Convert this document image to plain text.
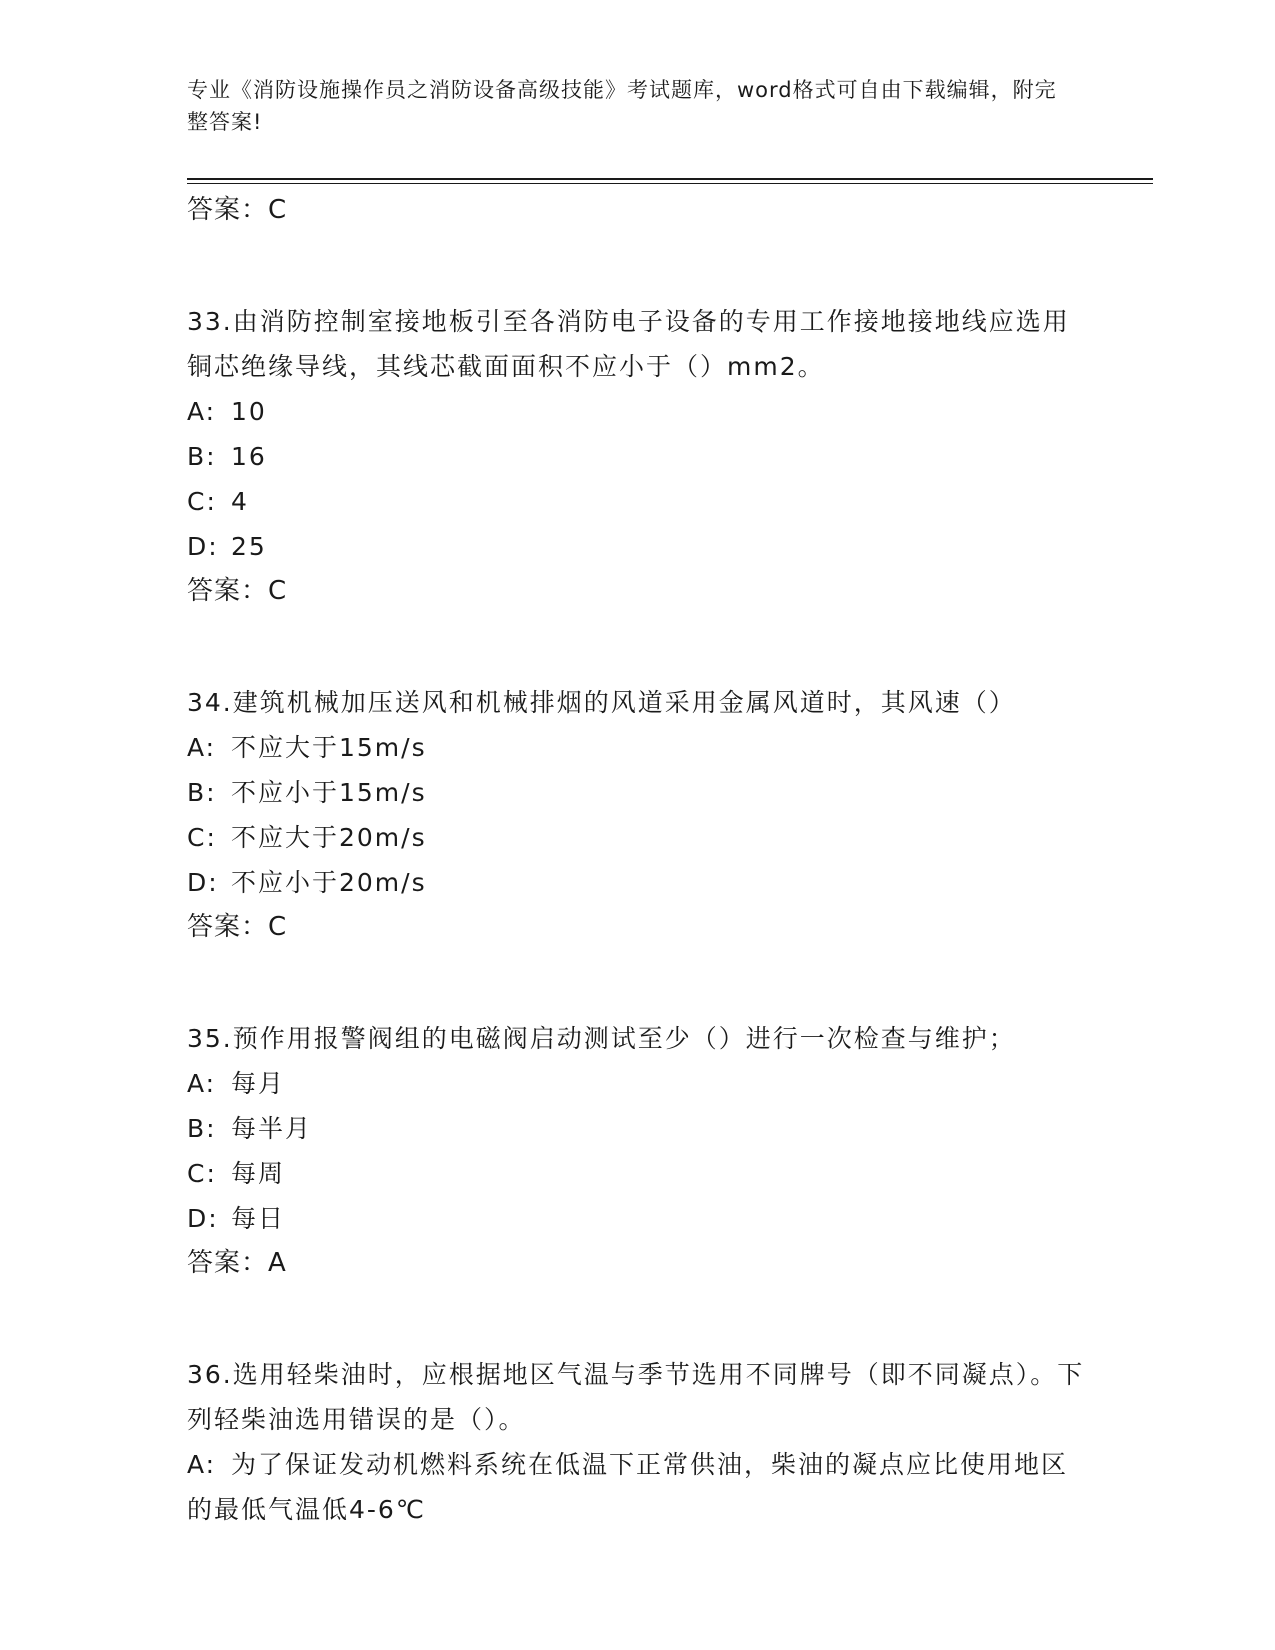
专业《消防设施操作员之消防设备高级技能》考试题库，word格式可自由下载编辑，附完整答案!
答案：C

33.由消防控制室接地板引至各消防电子设备的专用工作接地接地线应选用铜芯绝缘导线，其线芯截面面积不应小于（）mm2。

A: 10
B: 16
C: 4
D: 25
答案：C

34.建筑机械加压送风和机械排烟的风道采用金属风道时，其风速（）

A: 不应大于15m/s
B: 不应小于15m/s
C: 不应大于20m/s
D: 不应小于20m/s
答案：C

35.预作用报警阀组的电磁阀启动测试至少（）进行一次检查与维护；

A: 每月
B: 每半月
C: 每周
D: 每日
答案：A

36.选用轻柴油时，应根据地区气温与季节选用不同牌号（即不同凝点）。下列轻柴油选用错误的是（）。

A: 为了保证发动机燃料系统在低温下正常供油，柴油的凝点应比使用地区的最低气温低4-6℃
